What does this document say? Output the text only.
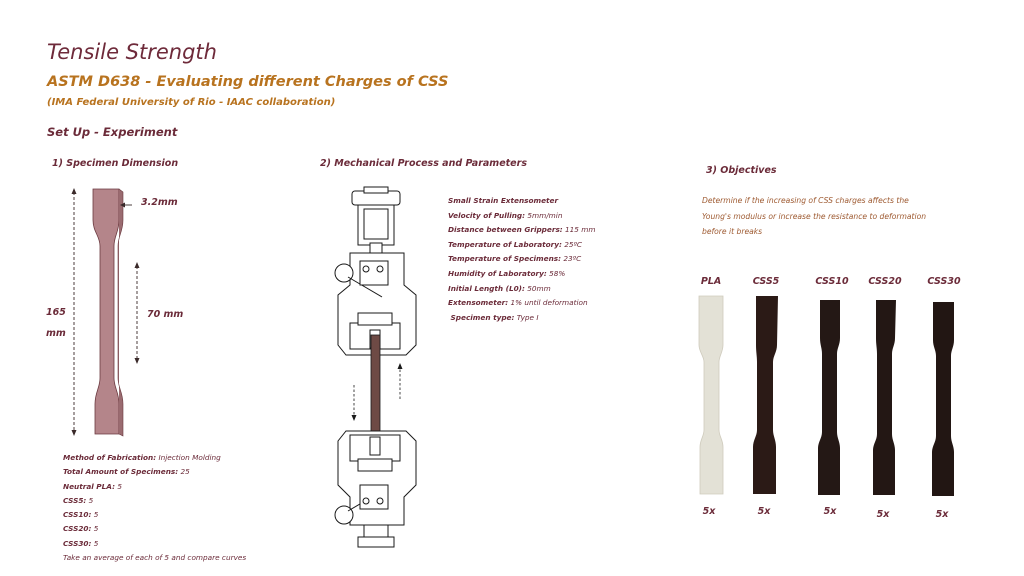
Tensile Strength
ASTM D638 - Evaluating different Charges of CSS
(IMA Federal University of Rio - IAAC collaboration)
Set Up - Experiment
1) Specimen Dimension
3.2mm
165
mm
70 mm
Method of Fabrication: Injection Molding
Total Amount of Specimens: 25
Neutral PLA: 5
CSS5: 5
CSS10: 5
CSS20: 5
CSS30: 5
Take an average of each of 5 and compare curves
2) Mechanical Process and Parameters
Small Strain Extensometer
Velocity of Pulling: 5mm/min
Distance between Grippers: 115 mm
Temperature of Laboratory: 25ºC
Temperature of Specimens: 23ºC
Humidity of Laboratory: 58%
Initial Length (L0): 50mm
Extensometer: 1% until deformation
Specimen type: Type I
3) Objectives
Determine if the increasing of CSS charges affects the
Young's modulus or increase the resistance to deformation
before it breaks
PLA	CSS5	CSS10	CSS20	CSS30
5x	5x	5x	5x	5x
